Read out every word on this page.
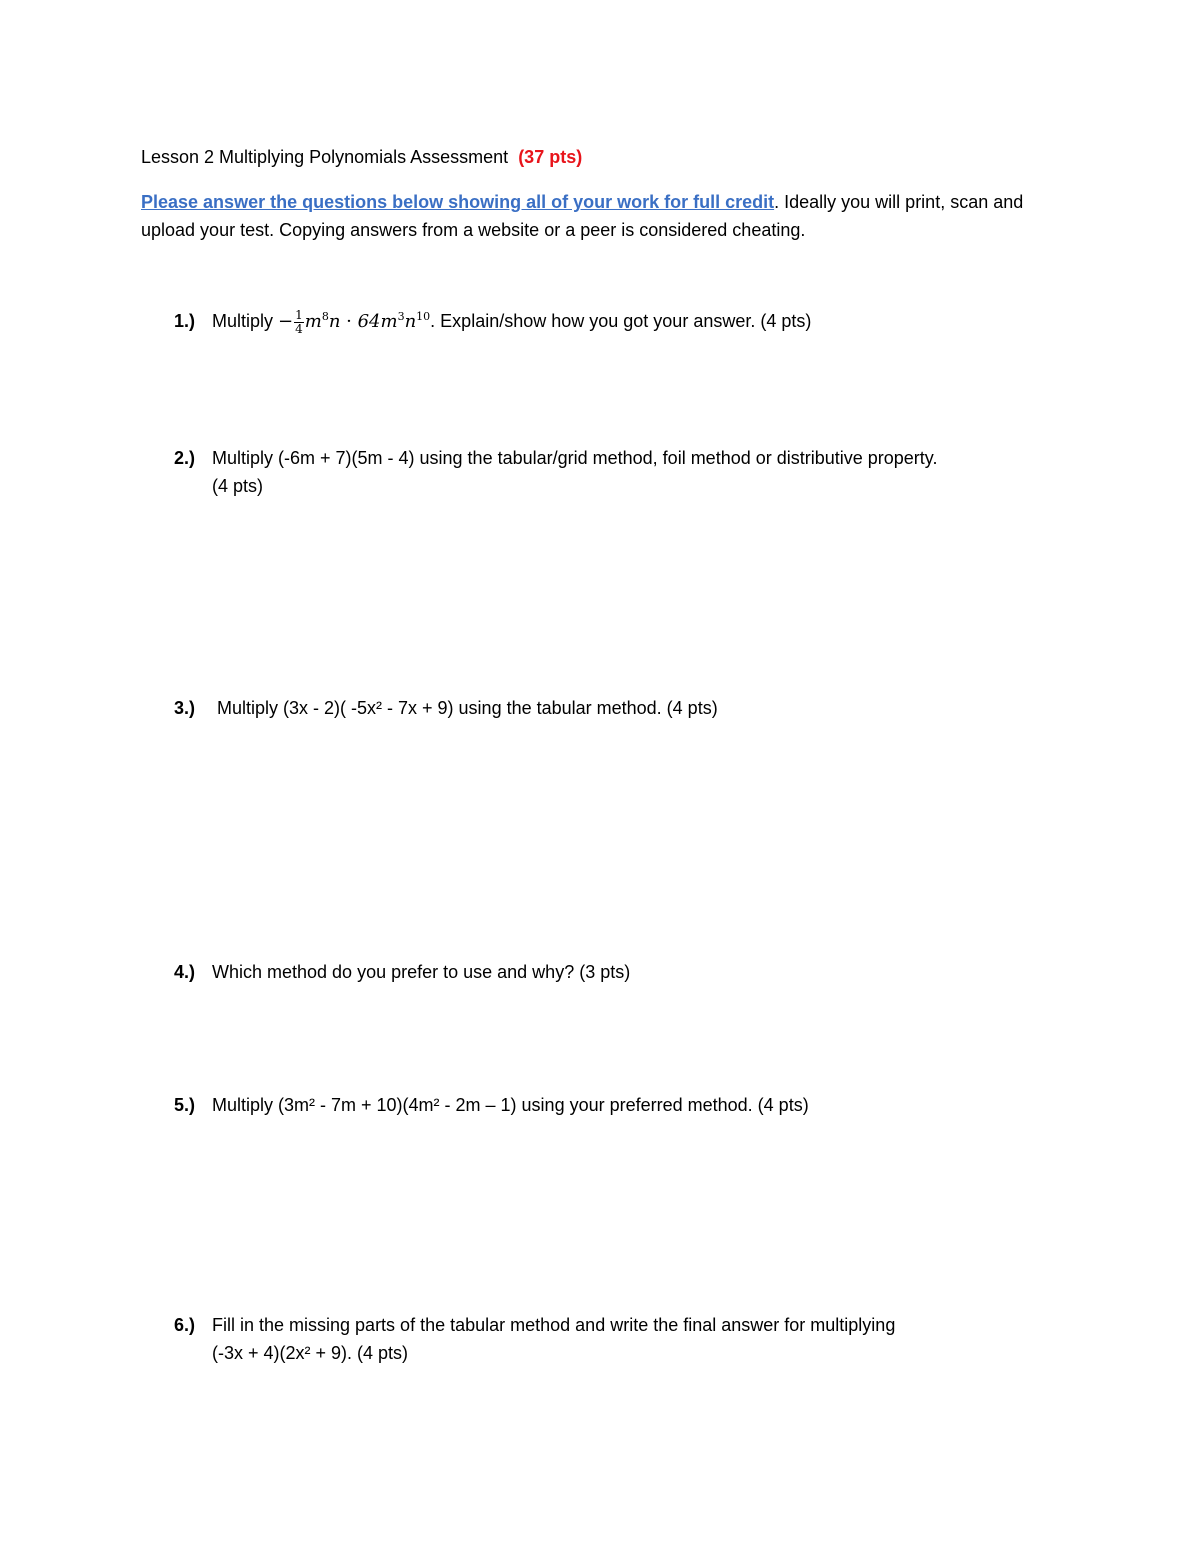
Lesson 2 Multiplying Polynomials Assessment (37 pts)
Please answer the questions below showing all of your work for full credit. Ideally you will print, scan and upload your test. Copying answers from a website or a peer is considered cheating.
1.) Multiply − $\frac{1}{4} m^8n \cdot 64m^3n^{10}$. Explain/show how you got your answer. (4 pts)
2.) Multiply (-6m + 7)(5m - 4) using the tabular/grid method, foil method or distributive property.
(4 pts)
3.) Multiply (3x - 2)( -5x² - 7x + 9) using the tabular method. (4 pts)
4.) Which method do you prefer to use and why? (3 pts)
5.) Multiply (3m² - 7m + 10)(4m² - 2m – 1) using your preferred method. (4 pts)
6.) Fill in the missing parts of the tabular method and write the final answer for multiplying
(-3x + 4)(2x² + 9). (4 pts)
